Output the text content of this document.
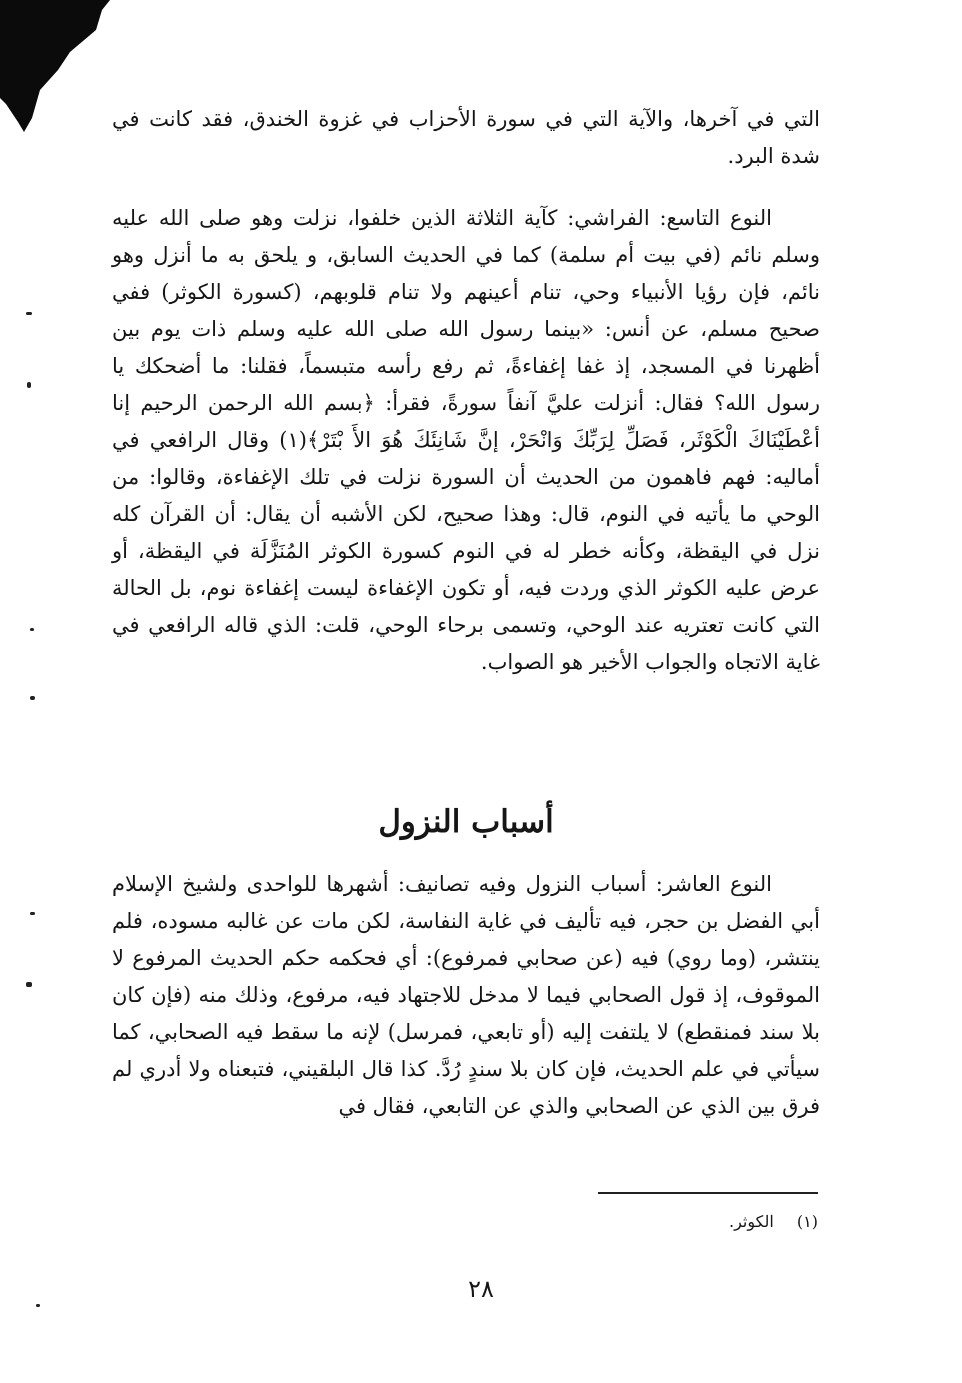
التي في آخرها، والآية التي في سورة الأحزاب في غزوة الخندق، فقد كانت في شدة البرد.

النوع التاسع: الفراشي: كآية الثلاثة الذين خلفوا، نزلت وهو صلى الله عليه وسلم نائم (في بيت أم سلمة) كما في الحديث السابق، و يلحق به ما أنزل وهو نائم، فإن رؤيا الأنبياء وحي، تنام أعينهم ولا تنام قلوبهم، (كسورة الكوثر) ففي صحيح مسلم، عن أنس: «بينما رسول الله صلى الله عليه وسلم ذات يوم بين أظهرنا في المسجد، إذ غفا إغفاءةً، ثم رفع رأسه متبسماً، فقلنا: ما أضحكك يا رسول الله؟ فقال: أنزلت عليَّ آنفاً سورةً، فقرأ: ﴿بسم الله الرحمن الرحيم إنا أعْطَيْنَاكَ الْكَوْثَر، فَصَلِّ لِرَبِّكَ وَانْحَرْ، إنَّ شَانِئَكَ هُوَ الأَ بْتَرْ﴾(١) وقال الرافعي في أماليه: فهم فاهمون من الحديث أن السورة نزلت في تلك الإغفاءة، وقالوا: من الوحي ما يأتيه في النوم، قال: وهذا صحيح، لكن الأشبه أن يقال: أن القرآن كله نزل في اليقظة، وكأنه خطر له في النوم كسورة الكوثر المُنَزَّلَة في اليقظة، أو عرض عليه الكوثر الذي وردت فيه، أو تكون الإغفاءة ليست إغفاءة نوم، بل الحالة التي كانت تعتريه عند الوحي، وتسمى برحاء الوحي، قلت: الذي قاله الرافعي في غاية الاتجاه والجواب الأخير هو الصواب.

أسباب النزول

النوع العاشر: أسباب النزول وفيه تصانيف: أشهرها للواحدى ولشيخ الإسلام أبي الفضل بن حجر، فيه تأليف في غاية النفاسة، لكن مات عن غالبه مسوده، فلم ينتشر، (وما روي) فيه (عن صحابي فمرفوع): أي فحكمه حكم الحديث المرفوع لا الموقوف، إذ قول الصحابي فيما لا مدخل للاجتهاد فيه، مرفوع، وذلك منه (فإن كان بلا سند فمنقطع) لا يلتفت إليه (أو تابعي، فمرسل) لإنه ما سقط فيه الصحابي، كما سيأتي في علم الحديث، فإن كان بلا سندٍ رُدَّ. كذا قال البلقيني، فتبعناه ولا أدري لم فرق بين الذي عن الصحابي والذي عن التابعي، فقال في

(١) الكوثر.
٢٨
